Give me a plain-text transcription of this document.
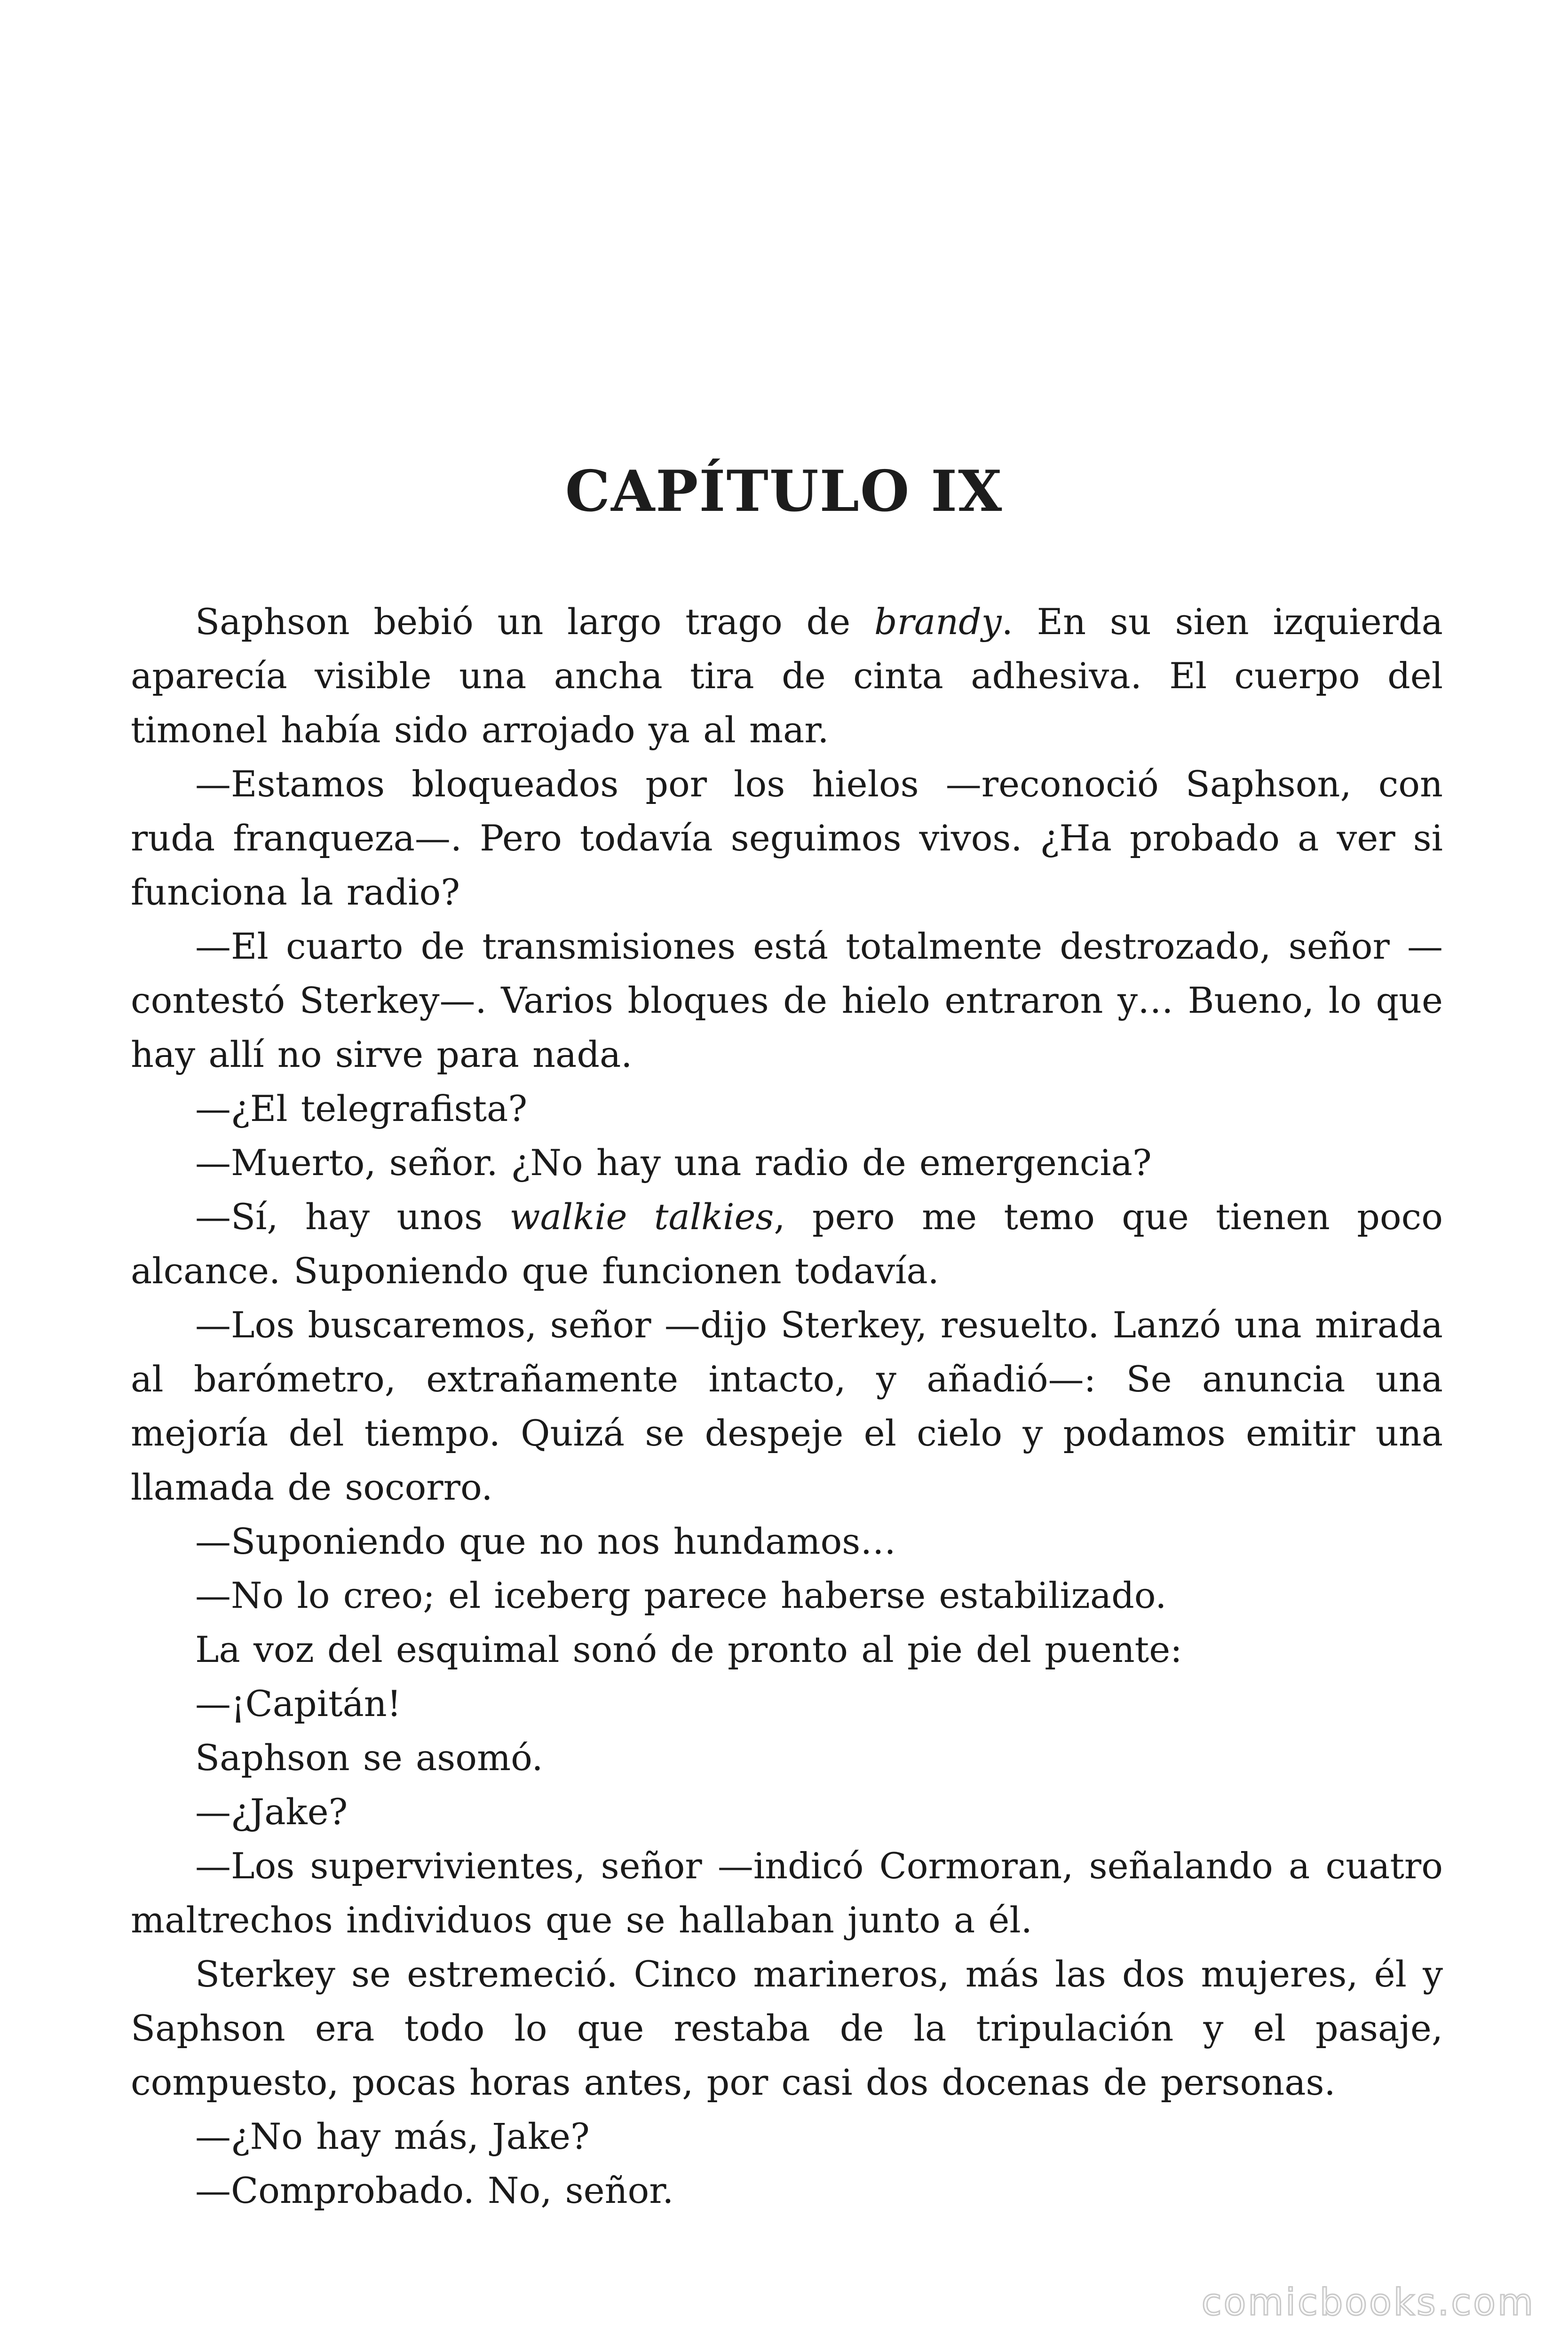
CAPÍTULO IX

Saphson bebió un largo trago de brandy. En su sien izquierda aparecía visible una ancha tira de cinta adhesiva. El cuerpo del timonel había sido arrojado ya al mar.

—Estamos bloqueados por los hielos —reconoció Saphson, con ruda franqueza—. Pero todavía seguimos vivos. ¿Ha probado a ver si funciona la radio?

—El cuarto de transmisiones está totalmente destrozado, señor —contestó Sterkey—. Varios bloques de hielo entraron y… Bueno, lo que hay allí no sirve para nada.

—¿El telegrafista?

—Muerto, señor. ¿No hay una radio de emergencia?

—Sí, hay unos walkie talkies, pero me temo que tienen poco alcance. Suponiendo que funcionen todavía.

—Los buscaremos, señor —dijo Sterkey, resuelto. Lanzó una mirada al barómetro, extrañamente intacto, y añadió—: Se anuncia una mejoría del tiempo. Quizá se despeje el cielo y podamos emitir una llamada de socorro.

—Suponiendo que no nos hundamos…

—No lo creo; el iceberg parece haberse estabilizado.

La voz del esquimal sonó de pronto al pie del puente:

—¡Capitán!

Saphson se asomó.

—¿Jake?

—Los supervivientes, señor —indicó Cormoran, señalando a cuatro maltrechos individuos que se hallaban junto a él.

Sterkey se estremeció. Cinco marineros, más las dos mujeres, él y Saphson era todo lo que restaba de la tripulación y el pasaje, compuesto, pocas horas antes, por casi dos docenas de personas.

—¿No hay más, Jake?

—Comprobado. No, señor.

comicbooks.com
